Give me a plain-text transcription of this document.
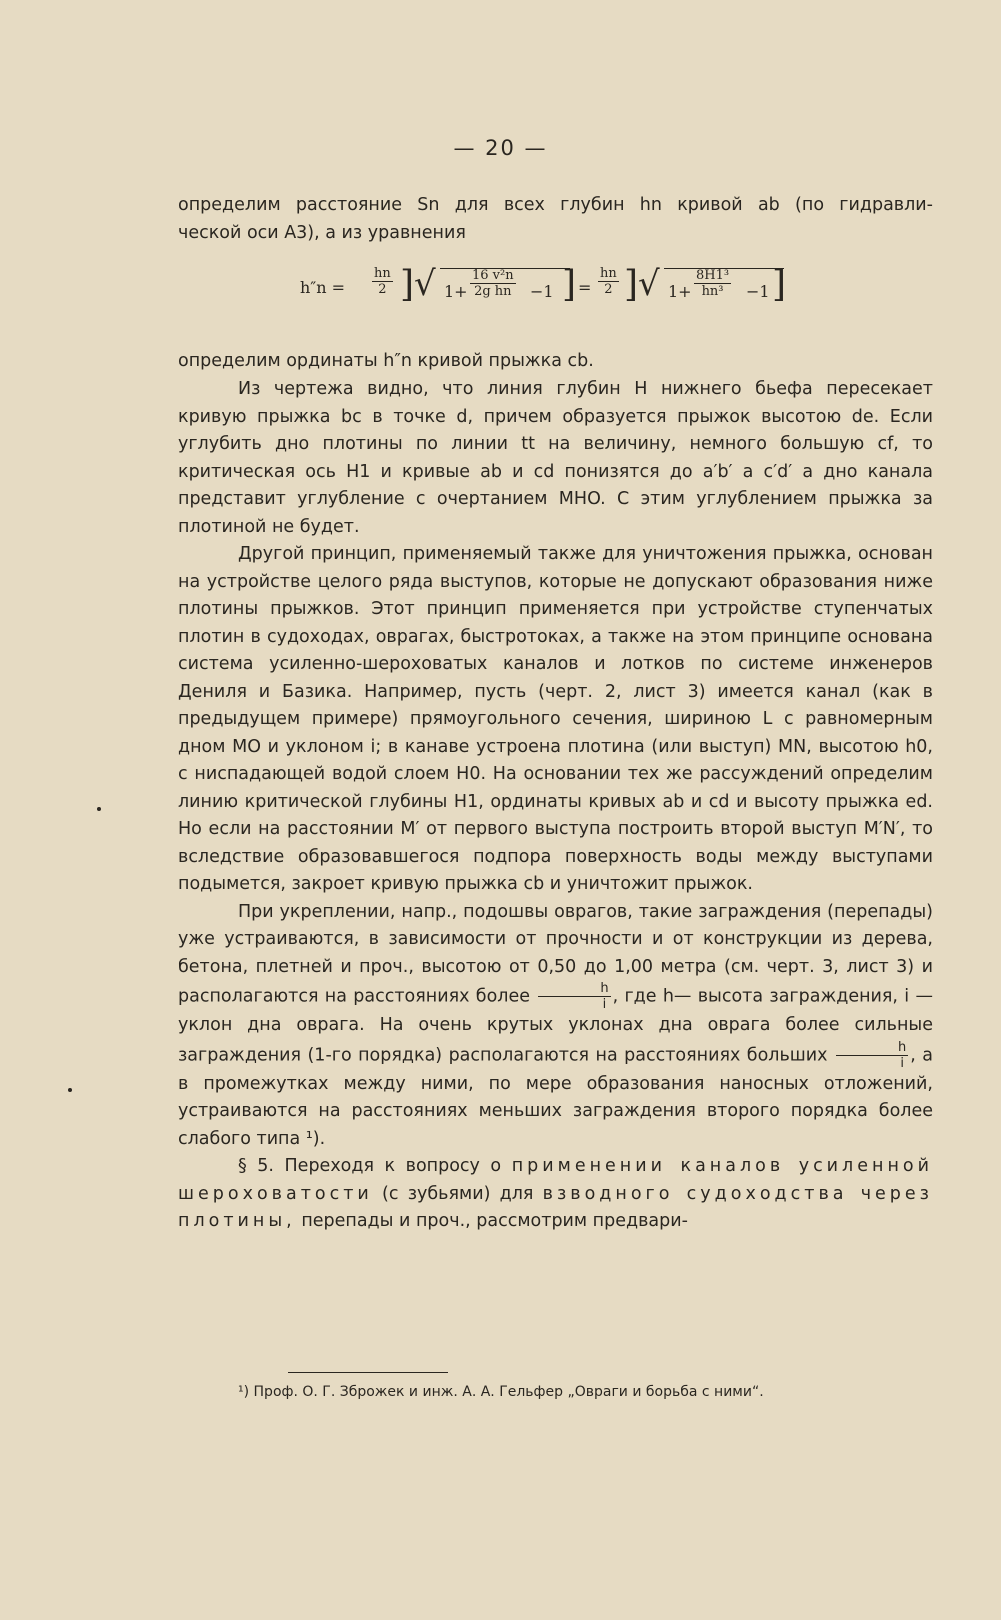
— 20 —
определим расстояние Sn для всех глубин hn кривой ab (по гидравли-
ческой оси A3), а из уравнения
$h''n = \frac{hn}{2}$ ] √ $1+ \frac{\text{16 v²n}}{\text{2g hn}} -1$ ] = $\frac{hn}{2}$ ] √ $1+ \frac{\text{8H1³}}{\text{hn³}} -1$ ]
определим ординаты h″n кривой прыжка cb.

Из чертежа видно, что линия глубин H нижнего бьефа пересекает кривую прыжка bc в точке d, причем образуется прыжок высотою de. Если углубить дно плотины по линии tt на величину, немного большую cf, то критическая ось H1 и кривые ab и cd понизятся до a′b′ а c′d′ а дно канала представит углубление с очертанием MHO. С этим углублением прыжка за плотиной не будет.

Другой принцип, применяемый также для уничтожения прыжка, основан на устройстве целого ряда выступов, которые не допускают образования ниже плотины прыжков. Этот принцип применяется при устройстве ступенчатых плотин в судоходах, оврагах, быстротоках, а также на этом принципе основана система усиленно-шероховатых каналов и лотков по системе инженеров Дениля и Базика. Например, пусть (черт. 2, лист 3) имеется канал (как в предыдущем примере) прямоугольного сечения, шириною L с равномерным дном MO и уклоном i; в канаве устроена плотина (или выступ) MN, высотою h0, с ниспадающей водой слоем H0. На основании тех же рассуждений определим линию критической глубины H1, ординаты кривых ab и cd и высоту прыжка ed. Но если на расстоянии M′ от первого выступа построить второй выступ M′N′, то вследствие образовавшегося подпора поверхность воды между выступами подымется, закроет кривую прыжка cb и уничтожит прыжок.

При укреплении, напр., подошвы оврагов, такие заграждения (перепады) уже устраиваются, в зависимости от прочности и от конструкции из дерева, бетона, плетней и проч., высотою от 0,50 до 1,00 метра (см. черт. 3, лист 3) и располагаются на расстояниях более $\frac{h}{i}$ , где h— высота заграждения, i — уклон дна оврага. На очень крутых уклонах дна оврага более сильные заграждения (1-го порядка) располагаются на расстояниях больших $\frac{h}{i}$ , а в промежутках между ними, по мере образования наносных отложений, устраиваются на расстояниях меньших заграждения второго порядка более слабого типа ¹).

§ 5. Переходя к вопросу о применении каналов усиленной шероховатости (с зубьями) для взводного судоходства через плотины, перепады и проч., рассмотрим предвари-

¹) Проф. О. Г. Зброжек и инж. А. А. Гельфер „Овраги и борьба с ними“.
